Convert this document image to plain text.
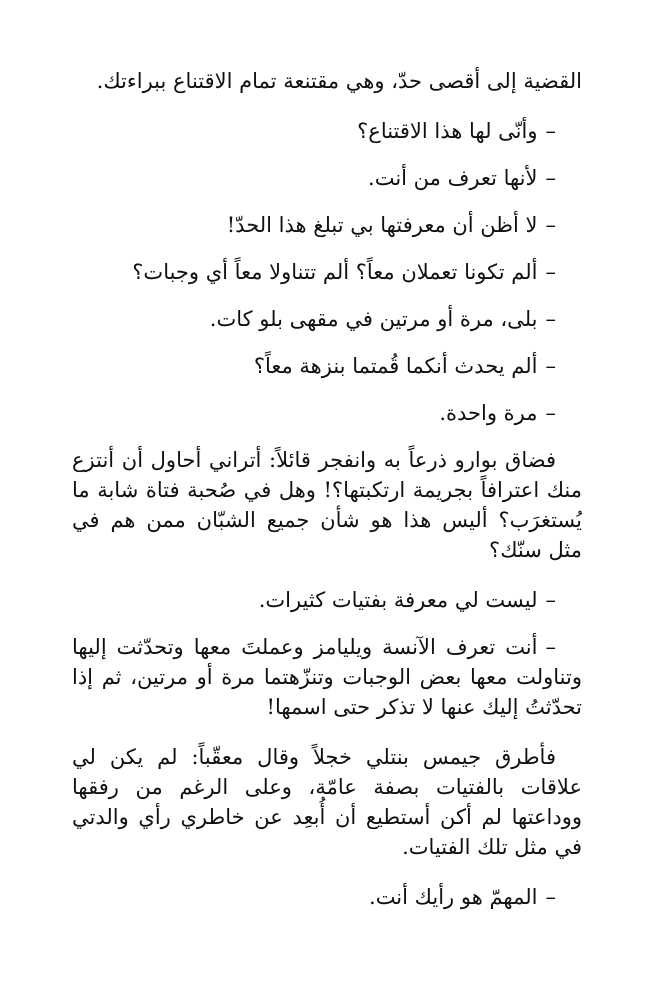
القضية إلى أقصى حدّ، وهي مقتنعة تمام الاقتناع ببراءتك.

–وأنّى لها هذا الاقتناع؟

–لأنها تعرف من أنت.

–لا أظن أن معرفتها بي تبلغ هذا الحدّ!

–ألم تكونا تعملان معاً؟ ألم تتناولا معاً أي وجبات؟

–بلى، مرة أو مرتين في مقهى بلو كات.

–ألم يحدث أنكما قُمتما بنزهة معاً؟

–مرة واحدة.

فضاق بوارو ذرعاً به وانفجر قائلاً: أتراني أحاول أن أنتزع منك اعترافاً بجريمة ارتكبتها؟! وهل في صُحبة فتاة شابة ما يُستغرَب؟ أليس هذا هو شأن جميع الشبّان ممن هم في مثل سنّك؟

–ليست لي معرفة بفتيات كثيرات.

–أنت تعرف الآنسة ويليامز وعملتَ معها وتحدّثت إليها وتناولت معها بعض الوجبات وتنزّهتما مرة أو مرتين، ثم إذا تحدّثتُ إليك عنها لا تذكر حتى اسمها!

فأطرق جيمس بنتلي خجلاً وقال معقّباً: لم يكن لي علاقات بالفتيات بصفة عامّة، وعلى الرغم من رفقها ووداعتها لم أكن أستطيع أن أُبعِد عن خاطري رأي والدتي في مثل تلك الفتيات.

–المهمّ هو رأيك أنت.
